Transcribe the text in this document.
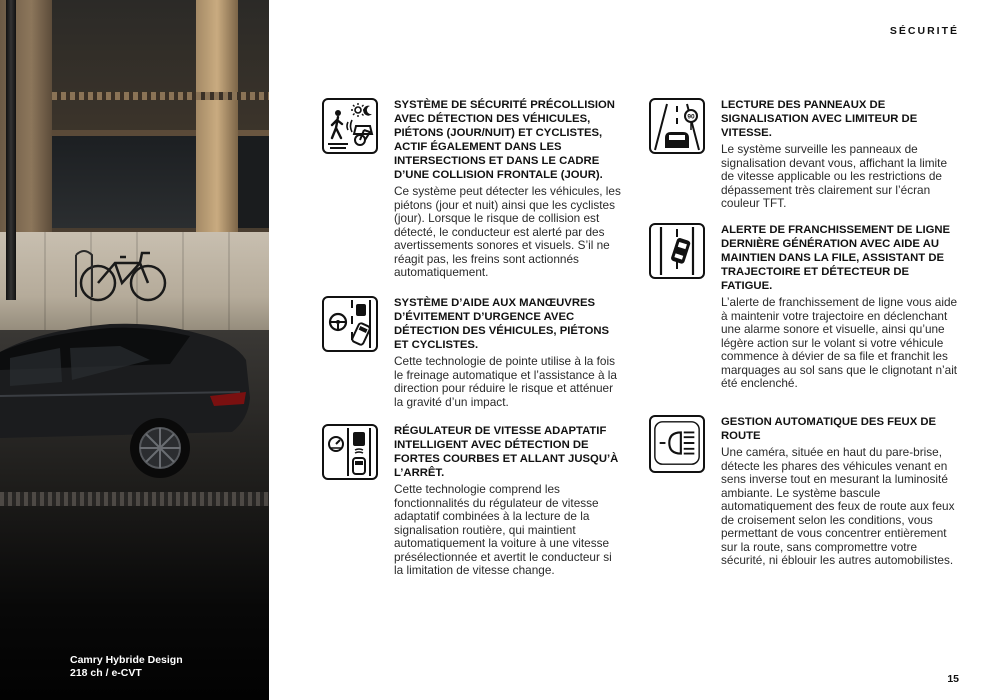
Camry Hybride Design
218 ch / e-CVT
SÉCURITÉ

SYSTÈME DE SÉCURITÉ PRÉCOLLISION AVEC DÉTECTION DES VÉHICULES, PIÉTONS (JOUR/NUIT) ET CYCLISTES, ACTIF ÉGALEMENT DANS LES INTERSECTIONS ET DANS LE CADRE D’UNE COLLISION FRONTALE (JOUR).

Ce système peut détecter les véhicules, les piétons (jour et nuit) ainsi que les cyclistes (jour). Lorsque le risque de collision est détecté, le conducteur est alerté par des avertissements sonores et visuels. S’il ne réagit pas, les freins sont actionnés automatiquement.

SYSTÈME D’AIDE AUX MANŒUVRES D’ÉVITEMENT D’URGENCE AVEC DÉTECTION DES VÉHICULES, PIÉTONS ET CYCLISTES.

Cette technologie de pointe utilise à la fois le freinage automatique et l’assistance à la direction pour réduire le risque et atténuer la gravité d’un impact.

RÉGULATEUR DE VITESSE ADAPTATIF INTELLIGENT AVEC DÉTECTION DE FORTES COURBES ET ALLANT JUSQU’À L’ARRÊT.

Cette technologie comprend les fonctionnalités du régulateur de vitesse adaptatif combinées à la lecture de la signalisation routière, qui maintient automatiquement la voiture à une vitesse présélectionnée et avertit le conducteur si la limitation de vitesse change.

90

LECTURE DES PANNEAUX DE SIGNALISATION AVEC LIMITEUR DE VITESSE.

Le système surveille les panneaux de signalisation devant vous, affichant la limite de vitesse applicable ou les restrictions de dépassement très clairement sur l’écran couleur TFT.

ALERTE DE FRANCHISSEMENT DE LIGNE DERNIÈRE GÉNÉRATION AVEC AIDE AU MAINTIEN DANS LA FILE, ASSISTANT DE TRAJECTOIRE ET DÉTECTEUR DE FATIGUE.

L’alerte de franchissement de ligne vous aide à maintenir votre trajectoire en déclenchant une alarme sonore et visuelle, ainsi qu’une légère action sur le volant si votre véhicule commence à dévier de sa file et franchit les marquages au sol sans que le clignotant n’ait été enclenché.

GESTION AUTOMATIQUE DES FEUX DE ROUTE

Une caméra, située en haut du pare-brise, détecte les phares des véhicules venant en sens inverse tout en mesurant la luminosité ambiante. Le système bascule automatiquement des feux de route aux feux de croisement selon les conditions, vous permettant de vous concentrer entièrement sur la route, sans compromettre votre sécurité, ni éblouir les autres automobilistes.

15
